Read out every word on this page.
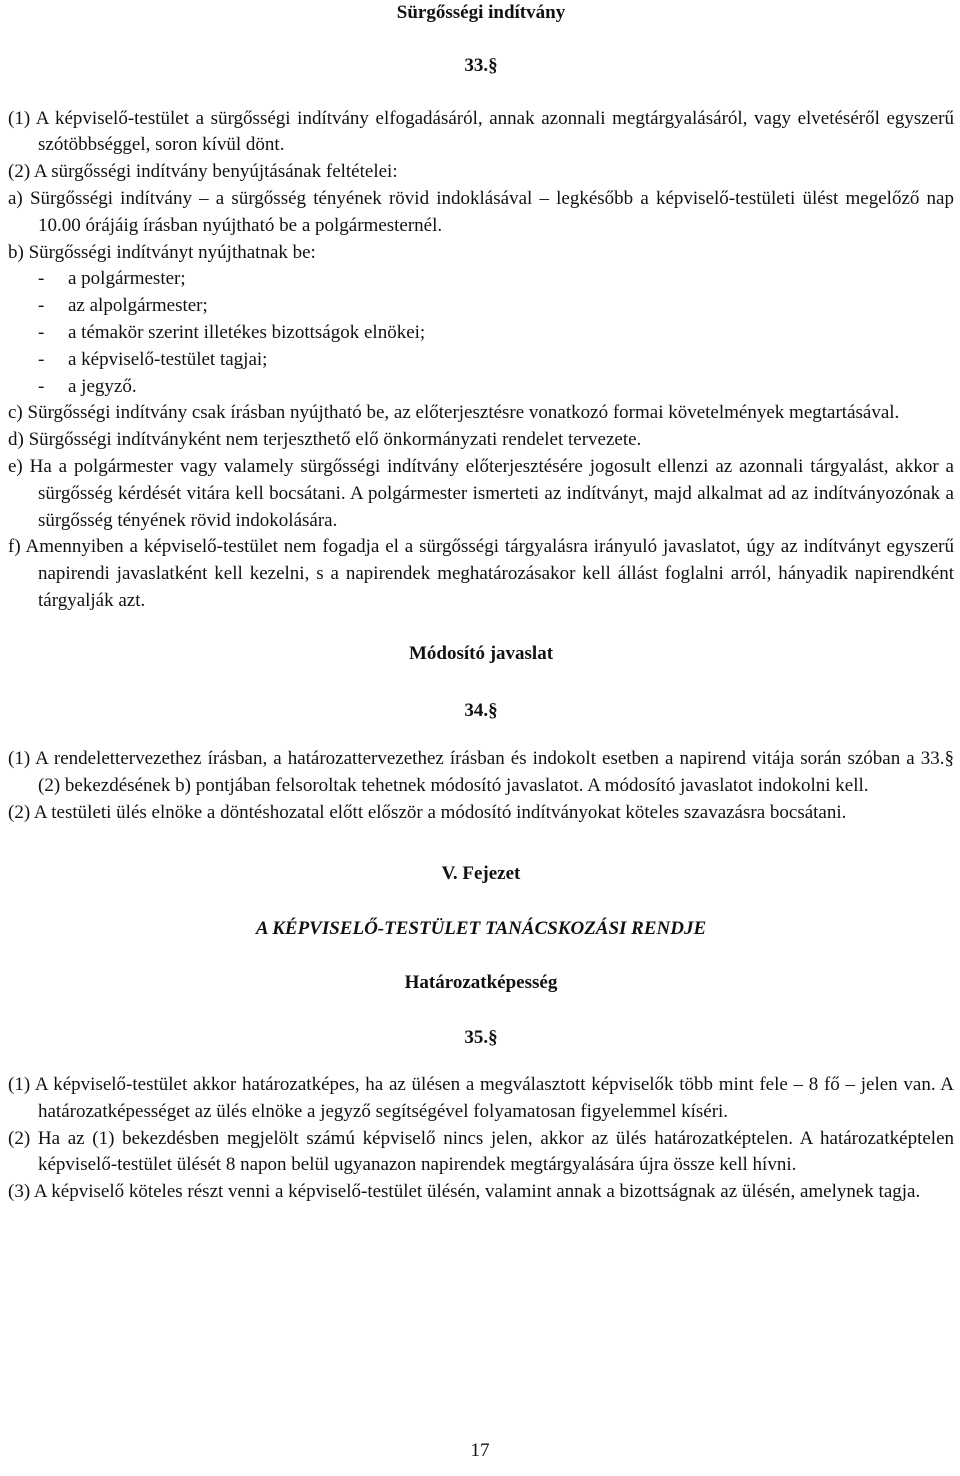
Sürgősségi indítvány
33.§
(1) A képviselő-testület a sürgősségi indítvány elfogadásáról, annak azonnali megtárgyalásáról, vagy elvetéséről egyszerű szótöbbséggel, soron kívül dönt.
(2) A sürgősségi indítvány benyújtásának feltételei:
a) Sürgősségi indítvány – a sürgősség tényének rövid indoklásával – legkésőbb a képviselő-testületi ülést megelőző nap 10.00 órájáig írásban nyújtható be a polgármesternél.
b) Sürgősségi indítványt nyújthatnak be:
- a polgármester;
- az alpolgármester;
- a témakör szerint illetékes bizottságok elnökei;
- a képviselő-testület tagjai;
- a jegyző.
c) Sürgősségi indítvány csak írásban nyújtható be, az előterjesztésre vonatkozó formai követelmények megtartásával.
d) Sürgősségi indítványként nem terjeszthető elő önkormányzati rendelet tervezete.
e) Ha a polgármester vagy valamely sürgősségi indítvány előterjesztésére jogosult ellenzi az azonnali tárgyalást, akkor a sürgősség kérdését vitára kell bocsátani. A polgármester ismerteti az indítványt, majd alkalmat ad az indítványozónak a sürgősség tényének rövid indokolására.
f) Amennyiben a képviselő-testület nem fogadja el a sürgősségi tárgyalásra irányuló javaslatot, úgy az indítványt egyszerű napirendi javaslatként kell kezelni, s a napirendek meghatározásakor kell állást foglalni arról, hányadik napirendként tárgyalják azt.
Módosító javaslat
34.§
(1) A rendelettervezethez írásban, a határozattervezethez írásban és indokolt esetben a napirend vitája során szóban a 33.§ (2) bekezdésének b) pontjában felsoroltak tehetnek módosító javaslatot. A módosító javaslatot indokolni kell.
(2) A testületi ülés elnöke a döntéshozatal előtt először a módosító indítványokat köteles szavazásra bocsátani.
V. Fejezet
A KÉPVISELŐ-TESTÜLET TANÁCSKOZÁSI RENDJE
Határozatképesség
35.§
(1) A képviselő-testület akkor határozatképes, ha az ülésen a megválasztott képviselők több mint fele – 8 fő – jelen van. A határozatképességet az ülés elnöke a jegyző segítségével folyamatosan figyelemmel kíséri.
(2) Ha az (1) bekezdésben megjelölt számú képviselő nincs jelen, akkor az ülés határozatképtelen. A határozatképtelen képviselő-testület ülését 8 napon belül ugyanazon napirendek megtárgyalására újra össze kell hívni.
(3) A képviselő köteles részt venni a képviselő-testület ülésén, valamint annak a bizottságnak az ülésén, amelynek tagja.
17
